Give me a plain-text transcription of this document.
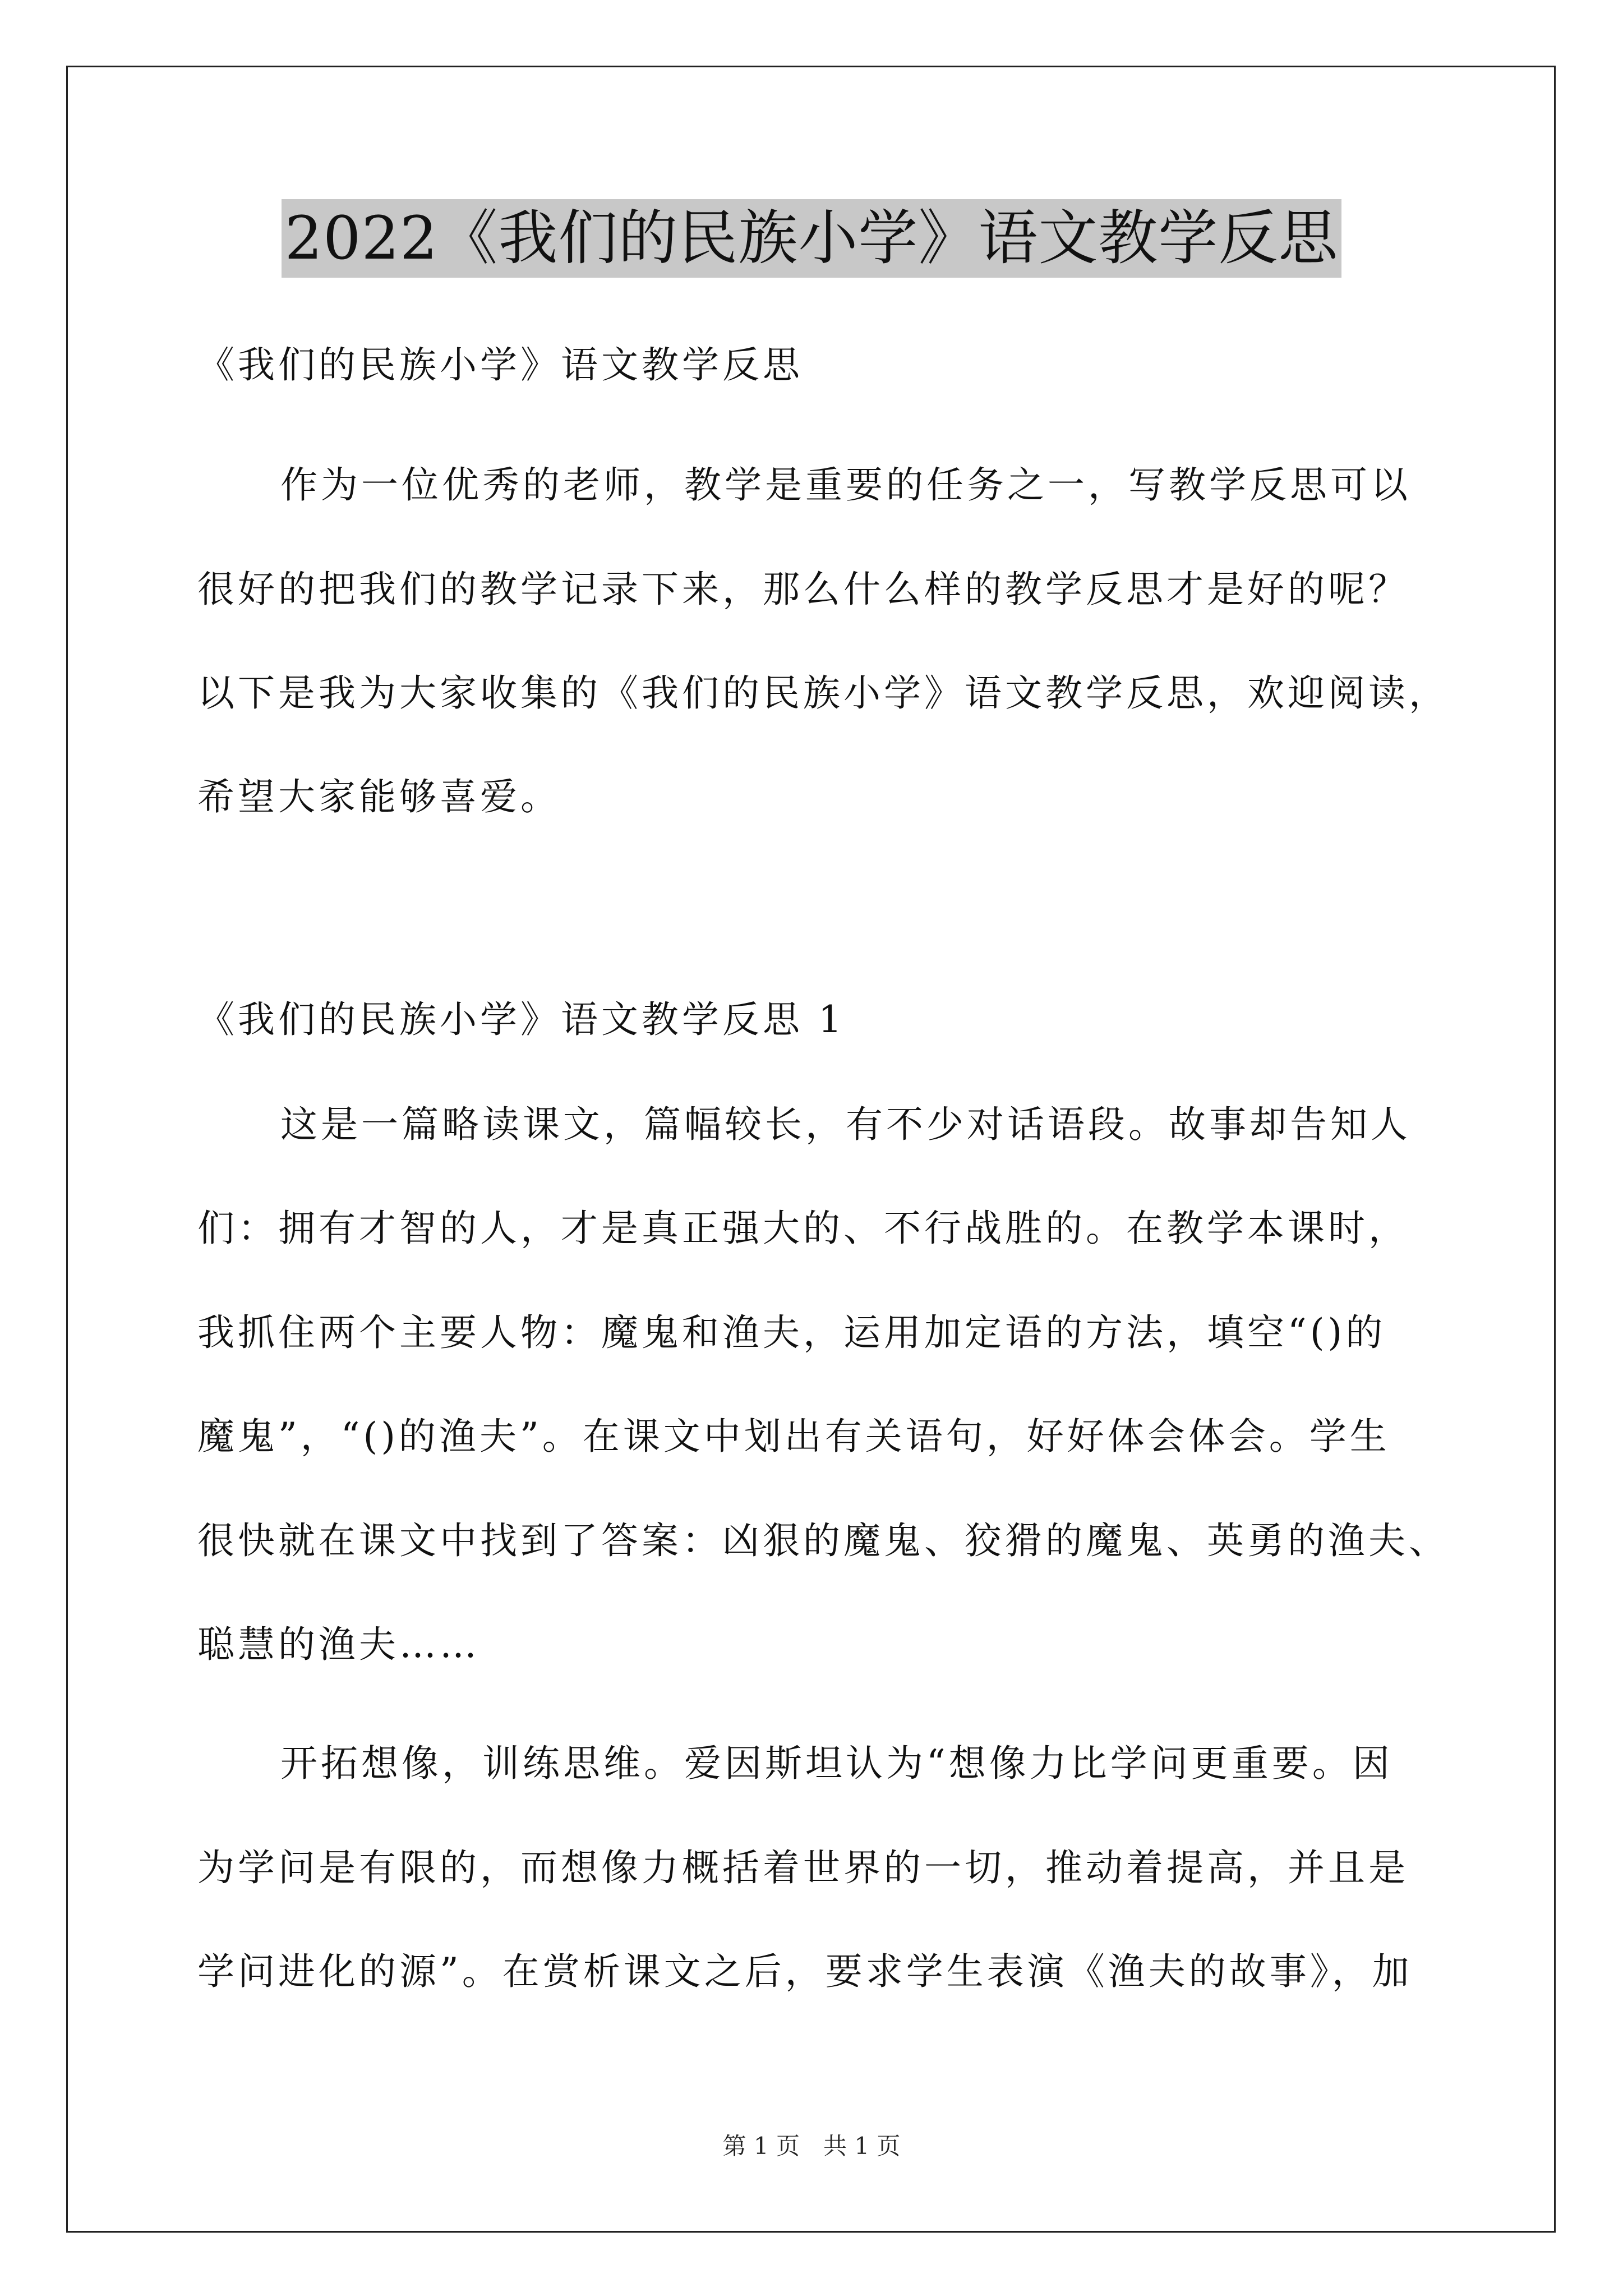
2022《我们的民族小学》语文教学反思
《我们的民族小学》语文教学反思
作为一位优秀的老师，教学是重要的任务之一，写教学反思可以
很好的把我们的教学记录下来，那么什么样的教学反思才是好的呢？
以下是我为大家收集的《我们的民族小学》语文教学反思，欢迎阅读，
希望大家能够喜爱。
《我们的民族小学》语文教学反思 1
这是一篇略读课文，篇幅较长，有不少对话语段。故事却告知人
们：拥有才智的人，才是真正强大的、不行战胜的。在教学本课时，
我抓住两个主要人物：魔鬼和渔夫，运用加定语的方法，填空“()的
魔鬼”，“()的渔夫”。在课文中划出有关语句，好好体会体会。学生
很快就在课文中找到了答案：凶狠的魔鬼、狡猾的魔鬼、英勇的渔夫、
聪慧的渔夫……
开拓想像，训练思维。爱因斯坦认为“想像力比学问更重要。因
为学问是有限的，而想像力概括着世界的一切，推动着提高，并且是
学问进化的源”。在赏析课文之后，要求学生表演《渔夫的故事》，加
第 1 页　共 1 页
